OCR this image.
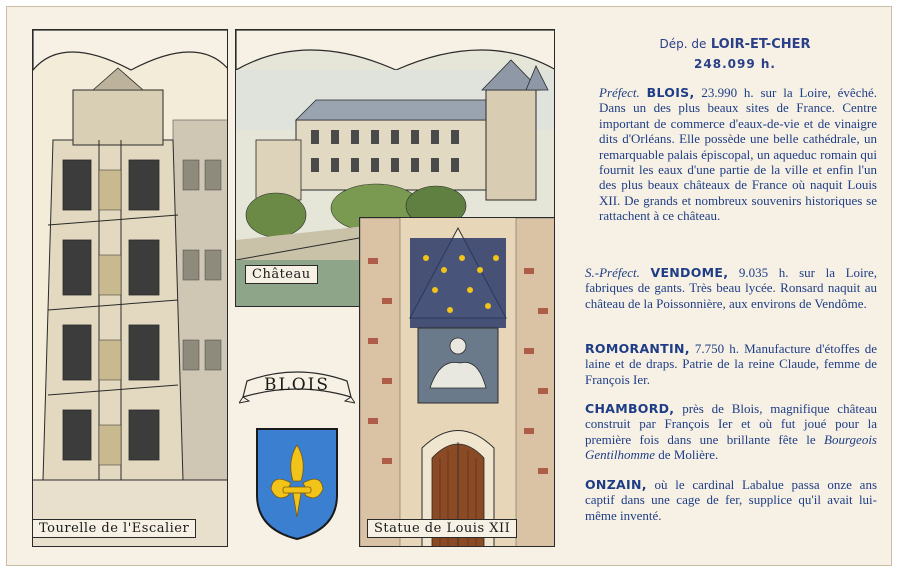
Tourelle de l'Escalier
Château
Statue de Louis XII
BLOIS
Dép. de LOIR-ET-CHER
248.099 h.

Préfect. BLOIS, 23.990 h. sur la Loire, évêché. Dans un des plus beaux sites de France. Centre important de commerce d'eaux-de-vie et de vinaigre dits d'Orléans. Elle possède une belle cathédrale, un remarquable palais épiscopal, un aqueduc romain qui fournit les eaux d'une partie de la ville et enfin l'un des plus beaux châteaux de France où naquit Louis XII. De grands et nombreux souvenirs historiques se rattachent à ce château.

S.-Préfect. VENDOME, 9.035 h. sur la Loire, fabriques de gants. Très beau lycée. Ronsard naquit au château de la Poissonnière, aux environs de Vendôme.

ROMORANTIN, 7.750 h. Manufacture d'étoffes de laine et de draps. Patrie de la reine Claude, femme de François Ier.

CHAMBORD, près de Blois, magnifique château construit par François Ier et où fut joué pour la première fois dans une brillante fête le Bourgeois Gentilhomme de Molière.

ONZAIN, où le cardinal Labalue passa onze ans captif dans une cage de fer, supplice qu'il avait lui-même inventé.
